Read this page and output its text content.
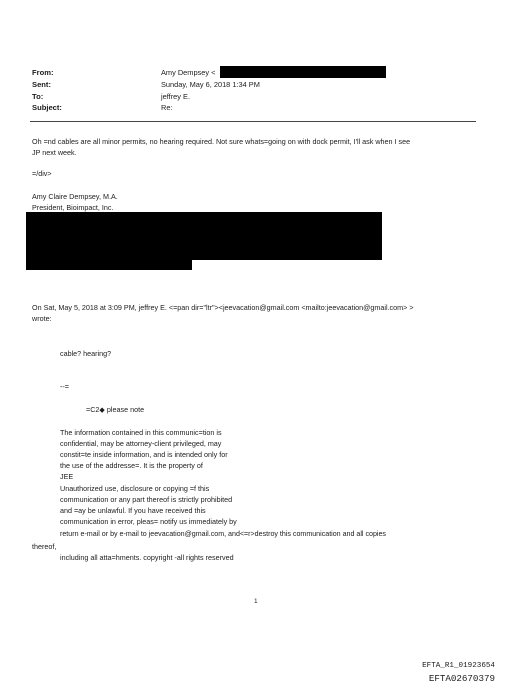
From:	Amy Dempsey <
Sent:	Sunday, May 6, 2018 1:34 PM
To:	jeffrey E.
Subject:	Re:
Oh =nd cables are all minor permits, no hearing required. Not sure whats=going on with dock permit, I'll ask when I see
JP next week.
=/div>
Amy Claire Dempsey, M.A.
President, Bioimpact, Inc.
On Sat, May 5, 2018 at 3:09 PM, jeffrey E. <=pan dir="ltr"><jeevacation@gmail.com <mailto:jeevacation@gmail.com> >
wrote:
cable? hearing?
--=
=C2◆ please note
The information contained in this communic=tion is
confidential, may be attorney-client privileged, may
constit=te inside information, and is intended only for
the use of the addresse=. It is the property of
JEE
Unauthorized use, disclosure or copying =f this
communication or any part thereof is strictly prohibited
and =ay be unlawful. If you have received this
communication in error, pleas= notify us immediately by
return e-mail or by e-mail to jeevacation@gmail.com, and<=r>destroy this communication and all copies
thereof,
including all atta=hments. copyright -all rights reserved
1
EFTA_R1_01923654
EFTA02670379
